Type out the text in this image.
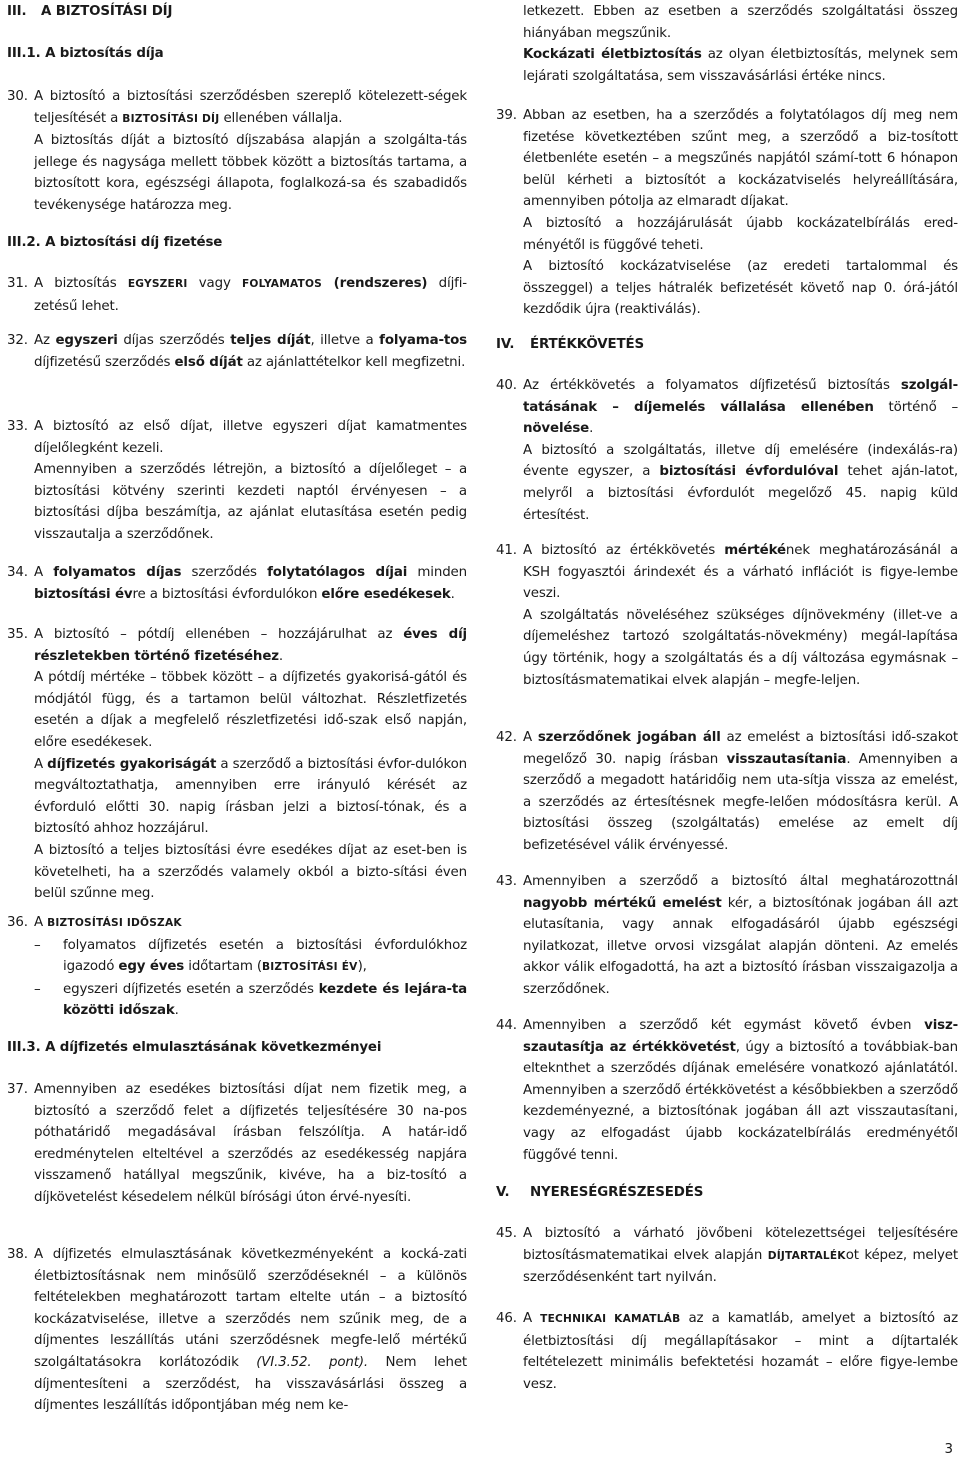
III. A BIZTOSÍTÁSI DÍJ
III.1. A biztosítás díja
30. A biztosító a biztosítási szerződésben szereplő kötelezett-ségek teljesítését a BIZTOSÍTÁSI DÍJ ellenében vállalja.

A biztosítás díját a biztosító díjszabása alapján a szolgálta-tás jellege és nagysága mellett többek között a biztosítás tartama, a biztosított kora, egészségi állapota, foglalkozá-sa és szabadidős tevékenysége határozza meg.

III.2. A biztosítási díj fizetése
31. A biztosítás EGYSZERI vagy FOLYAMATOS (rendszeres) díjfi-zetésű lehet.

32. Az egyszeri díjas szerződés teljes díját, illetve a folyama-tos díjfizetésű szerződés első díját az ajánlattételkor kell megfizetni.

33. A biztosító az első díjat, illetve egyszeri díjat kamatmentes díjelőlegként kezeli.

Amennyiben a szerződés létrejön, a biztosító a díjelőleget – a biztosítási kötvény szerinti kezdeti naptól érvényesen – a biztosítási díjba beszámítja, az ajánlat elutasítása esetén pedig visszautalja a szerződőnek.

34. A folyamatos díjas szerződés folytatólagos díjai minden biztosítási évre a biztosítási évfordulókon előre esedékesek.

35. A biztosító – pótdíj ellenében – hozzájárulhat az éves díj részletekben történő fizetéséhez.

A pótdíj mértéke – többek között – a díjfizetés gyakorisá-gától és módjától függ, és a tartamon belül változhat. Részletfizetés esetén a díjak a megfelelő részletfizetési idő-szak első napján, előre esedékesek.

A díjfizetés gyakoriságát a szerződő a biztosítási évfor-dulókon megváltoztathatja, amennyiben erre irányuló kérését az évforduló előtti 30. napig írásban jelzi a biztosí-tónak, és a biztosító ahhoz hozzájárul.

A biztosító a teljes biztosítási évre esedékes díjat az eset-ben is követelheti, ha a szerződés valamely okból a bizto-sítási éven belül szűnne meg.

36. A BIZTOSÍTÁSI IDŐSZAK

– folyamatos díjfizetés esetén a biztosítási évfordulókhoz igazodó egy éves időtartam (BIZTOSÍTÁSI ÉV),
– egyszeri díjfizetés esetén a szerződés kezdete és lejára-ta közötti időszak.
III.3. A díjfizetés elmulasztásának következményei
37. Amennyiben az esedékes biztosítási díjat nem fizetik meg, a biztosító a szerződő felet a díjfizetés teljesítésére 30 na-pos póthatáridő megadásával írásban felszólítja. A határ-idő eredménytelen elteltével a szerződés az esedékesség napjára visszamenő hatállyal megszűnik, kivéve, ha a biz-tosító a díjkövetelést késedelem nélkül bírósági úton érvé-nyesíti.

38. A díjfizetés elmulasztásának következményeként a kocká-zati életbiztosításnak nem minősülő szerződéseknél – a különös feltételekben meghatározott tartam eltelte után – a biztosító kockázatviselése, illetve a szerződés nem szűnik meg, de a díjmentes leszállítás utáni szerződésnek megfe-lelő mértékű szolgáltatásokra korlátozódik (VI.3.52. pont). Nem lehet díjmentesíteni a szerződést, ha visszavásárlási összeg a díjmentes leszállítás időpontjában még nem ke-

letkezett. Ebben az esetben a szerződés szolgáltatási összeg hiányában megszűnik.

Kockázati életbiztosítás az olyan életbiztosítás, melynek sem lejárati szolgáltatása, sem visszavásárlási értéke nincs.

39. Abban az esetben, ha a szerződés a folytatólagos díj meg nem fizetése következtében szűnt meg, a szerződő a biz-tosított életbenléte esetén – a megszűnés napjától számí-tott 6 hónapon belül kérheti a biztosítót a kockázatviselés helyreállítására, amennyiben pótolja az elmaradt díjakat.

A biztosító a hozzájárulását újabb kockázatelbírálás ered-ményétől is függővé teheti.

A biztosító kockázatviselése (az eredeti tartalommal és összeggel) a teljes hátralék befizetését követő nap 0. órá-jától kezdődik újra (reaktiválás).

IV. ÉRTÉKKÖVETÉS
40. Az értékkövetés a folyamatos díjfizetésű biztosítás szolgál-tatásának – díjemelés vállalása ellenében történő – növelése.

A biztosító a szolgáltatás, illetve díj emelésére (indexálás-ra) évente egyszer, a biztosítási évfordulóval tehet aján-latot, melyről a biztosítási évfordulót megelőző 45. napig küld értesítést.

41. A biztosító az értékkövetés mértékének meghatározásánál a KSH fogyasztói árindexét és a várható inflációt is figye-lembe veszi.

A szolgáltatás növeléséhez szükséges díjnövekmény (illet-ve a díjemeléshez tartozó szolgáltatás-növekmény) megál-lapítása úgy történik, hogy a szolgáltatás és a díj változása egymásnak – biztosításmatematikai elvek alapján – megfe-leljen.

42. A szerződőnek jogában áll az emelést a biztosítási idő-szakot megelőző 30. napig írásban visszautasítania. Amennyiben a szerződő a megadott határidőig nem uta-sítja vissza az emelést, a szerződés az értesítésnek megfe-lelően módosításra kerül. A biztosítási összeg (szolgáltatás) emelése az emelt díj befizetésével válik érvényessé.

43. Amennyiben a szerződő a biztosító által meghatározottnál nagyobb mértékű emelést kér, a biztosítónak jogában áll azt elutasítania, vagy annak elfogadásáról újabb egészségi nyilatkozat, illetve orvosi vizsgálat alapján dönteni. Az emelés akkor válik elfogadottá, ha azt a biztosító írásban visszaigazolja a szerződőnek.

44. Amennyiben a szerződő két egymást követő évben visz-szautasítja az értékkövetést, úgy a biztosító a továbbiak-ban elteknthet a szerződés díjának emelésére vonatkozó ajánlatától. Amennyiben a szerződő értékkövetést a későbbiekben a szerződő kezdeményezné, a biztosítónak jogában áll azt visszautasítani, vagy az elfogadást újabb kockázatelbírálás eredményétől függővé tenni.

V. NYERESÉGRÉSZESEDÉS
45. A biztosító a várható jövőbeni kötelezettségei teljesítésére biztosításmatematikai elvek alapján DÍJTARTALÉKot képez, melyet szerződésenként tart nyilván.

46. A TECHNIKAI KAMATLÁB az a kamatláb, amelyet a biztosító az életbiztosítási díj megállapításakor – mint a díjtartalék feltételezett minimális befektetési hozamát – előre figye-lembe vesz.

3
